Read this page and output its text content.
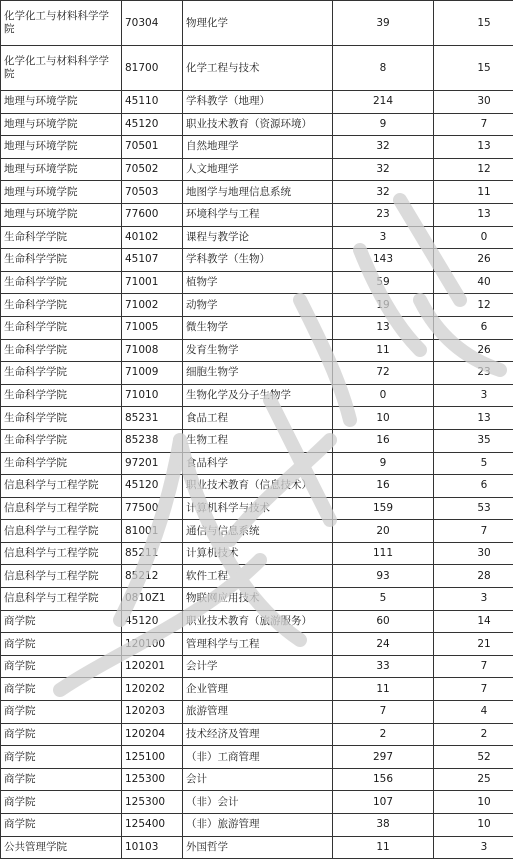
化学化工与材料科学学院	70304	物理化学	39	15
化学化工与材料科学学院	81700	化学工程与技术	8	15
地理与环境学院	45110	学科教学（地理）	214	30
地理与环境学院	45120	职业技术教育（资源环境）	9	7
地理与环境学院	70501	自然地理学	32	13
地理与环境学院	70502	人文地理学	32	12
地理与环境学院	70503	地图学与地理信息系统	32	11
地理与环境学院	77600	环境科学与工程	23	13
生命科学学院	40102	课程与教学论	3	0
生命科学学院	45107	学科教学（生物）	143	26
生命科学学院	71001	植物学	59	40
生命科学学院	71002	动物学	19	12
生命科学学院	71005	微生物学	13	6
生命科学学院	71008	发育生物学	11	26
生命科学学院	71009	细胞生物学	72	23
生命科学学院	71010	生物化学及分子生物学	0	3
生命科学学院	85231	食品工程	10	13
生命科学学院	85238	生物工程	16	35
生命科学学院	97201	食品科学	9	5
信息科学与工程学院	45120	职业技术教育（信息技术）	16	6
信息科学与工程学院	77500	计算机科学与技术	159	53
信息科学与工程学院	81001	通信与信息系统	20	7
信息科学与工程学院	85211	计算机技术	111	30
信息科学与工程学院	85212	软件工程	93	28
信息科学与工程学院	0810Z1	物联网应用技术	5	3
商学院	45120	职业技术教育（旅游服务）	60	14
商学院	120100	管理科学与工程	24	21
商学院	120201	会计学	33	7
商学院	120202	企业管理	11	7
商学院	120203	旅游管理	7	4
商学院	120204	技术经济及管理	2	2
商学院	125100	（非）工商管理	297	52
商学院	125300	会计	156	25
商学院	125300	（非）会计	107	10
商学院	125400	（非）旅游管理	38	10
公共管理学院	10103	外国哲学	11	3
